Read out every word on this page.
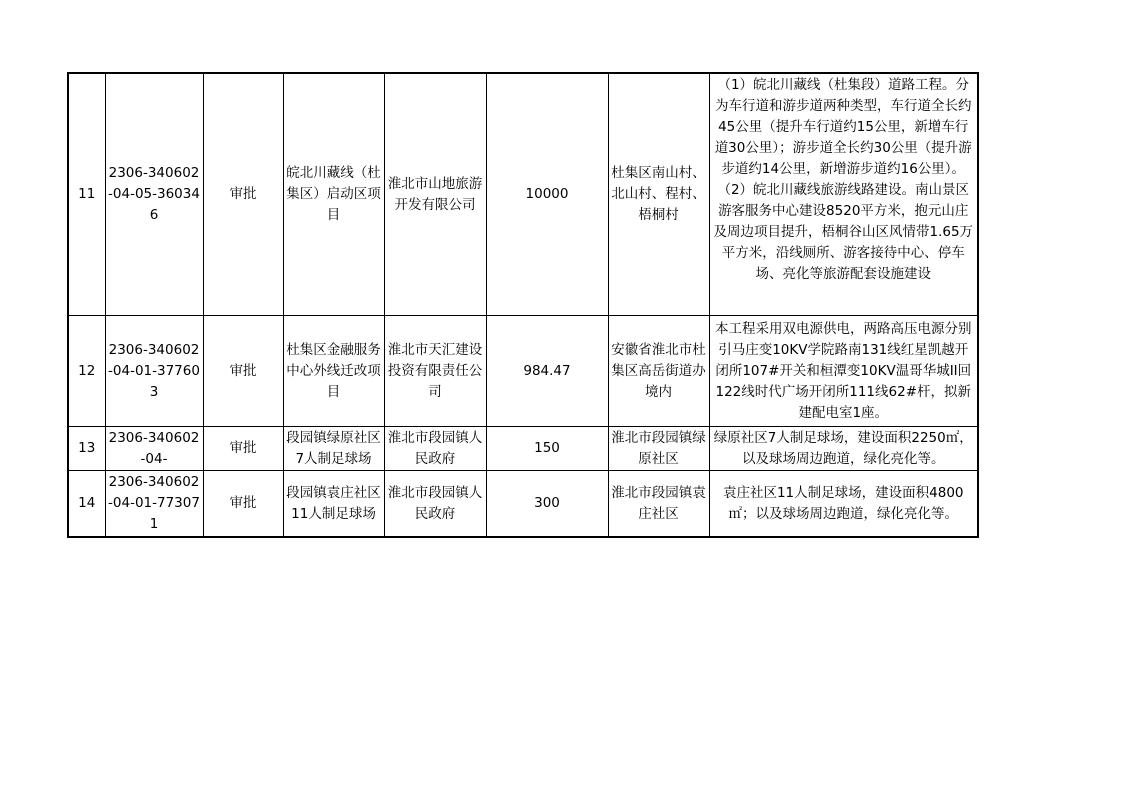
11	2306-340602-04-05-360346	审批	皖北川藏线（杜集区）启动区项目	淮北市山地旅游开发有限公司	10000	杜集区南山村、北山村、程村、梧桐村	（1）皖北川藏线（杜集段）道路工程。分为车行道和游步道两种类型，车行道全长约45公里（提升车行道约15公里，新增车行道30公里）；游步道全长约30公里（提升游步道约14公里，新增游步道约16公里）。（2）皖北川藏线旅游线路建设。南山景区游客服务中心建设8520平方米，抱元山庄及周边项目提升，梧桐谷山区风情带1.65万平方米，沿线厕所、游客接待中心、停车场、亮化等旅游配套设施建设

12	2306-340602-04-01-377603	审批	杜集区金融服务中心外线迁改项目	淮北市天汇建设投资有限责任公司	984.47	安徽省淮北市杜集区高岳街道办境内	本工程采用双电源供电，两路高压电源分别引马庄变10KV学院路南131线红星凯越开闭所107#开关和桓潭变10KV温哥华城II回122线时代广场开闭所111线62#杆，拟新建配电室1座。
13	2306-340602-04-	审批	段园镇绿原社区7人制足球场	淮北市段园镇人民政府	150	淮北市段园镇绿原社区	绿原社区7人制足球场，建设面积2250㎡，以及球场周边跑道，绿化亮化等。
14	2306-340602-04-01-773071	审批	段园镇袁庄社区11人制足球场	淮北市段园镇人民政府	300	淮北市段园镇袁庄社区	袁庄社区11人制足球场，建设面积4800㎡；以及球场周边跑道，绿化亮化等。
